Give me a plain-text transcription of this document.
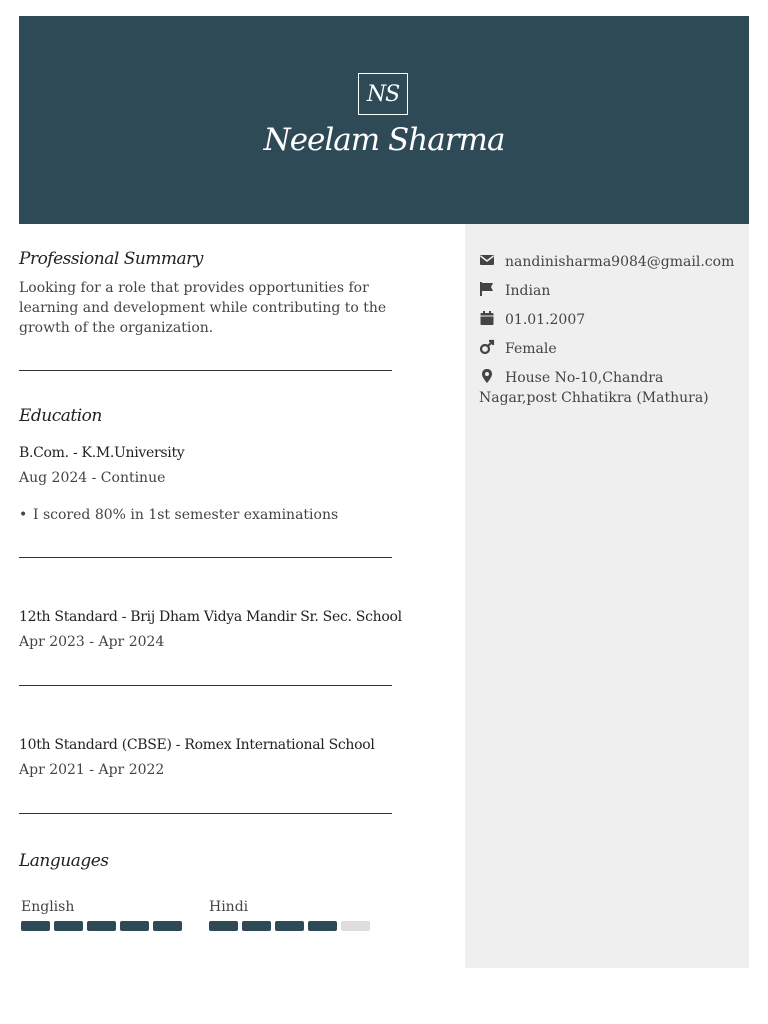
NS
Neelam Sharma
Professional Summary
Looking for a role that provides opportunities for learning and development while contributing to the growth of the organization.
Education
B.Com. - K.M.University
Aug 2024 - Continue
• I scored 80% in 1st semester examinations
12th Standard - Brij Dham Vidya Mandir Sr. Sec. School
Apr 2023 - Apr 2024
10th Standard (CBSE) - Romex International School
Apr 2021 - Apr 2022
Languages
English	Hindi
nandinisharma9084@gmail.com
Indian
01.01.2007
Female
House No-10,Chandra Nagar,post Chhatikra (Mathura)
